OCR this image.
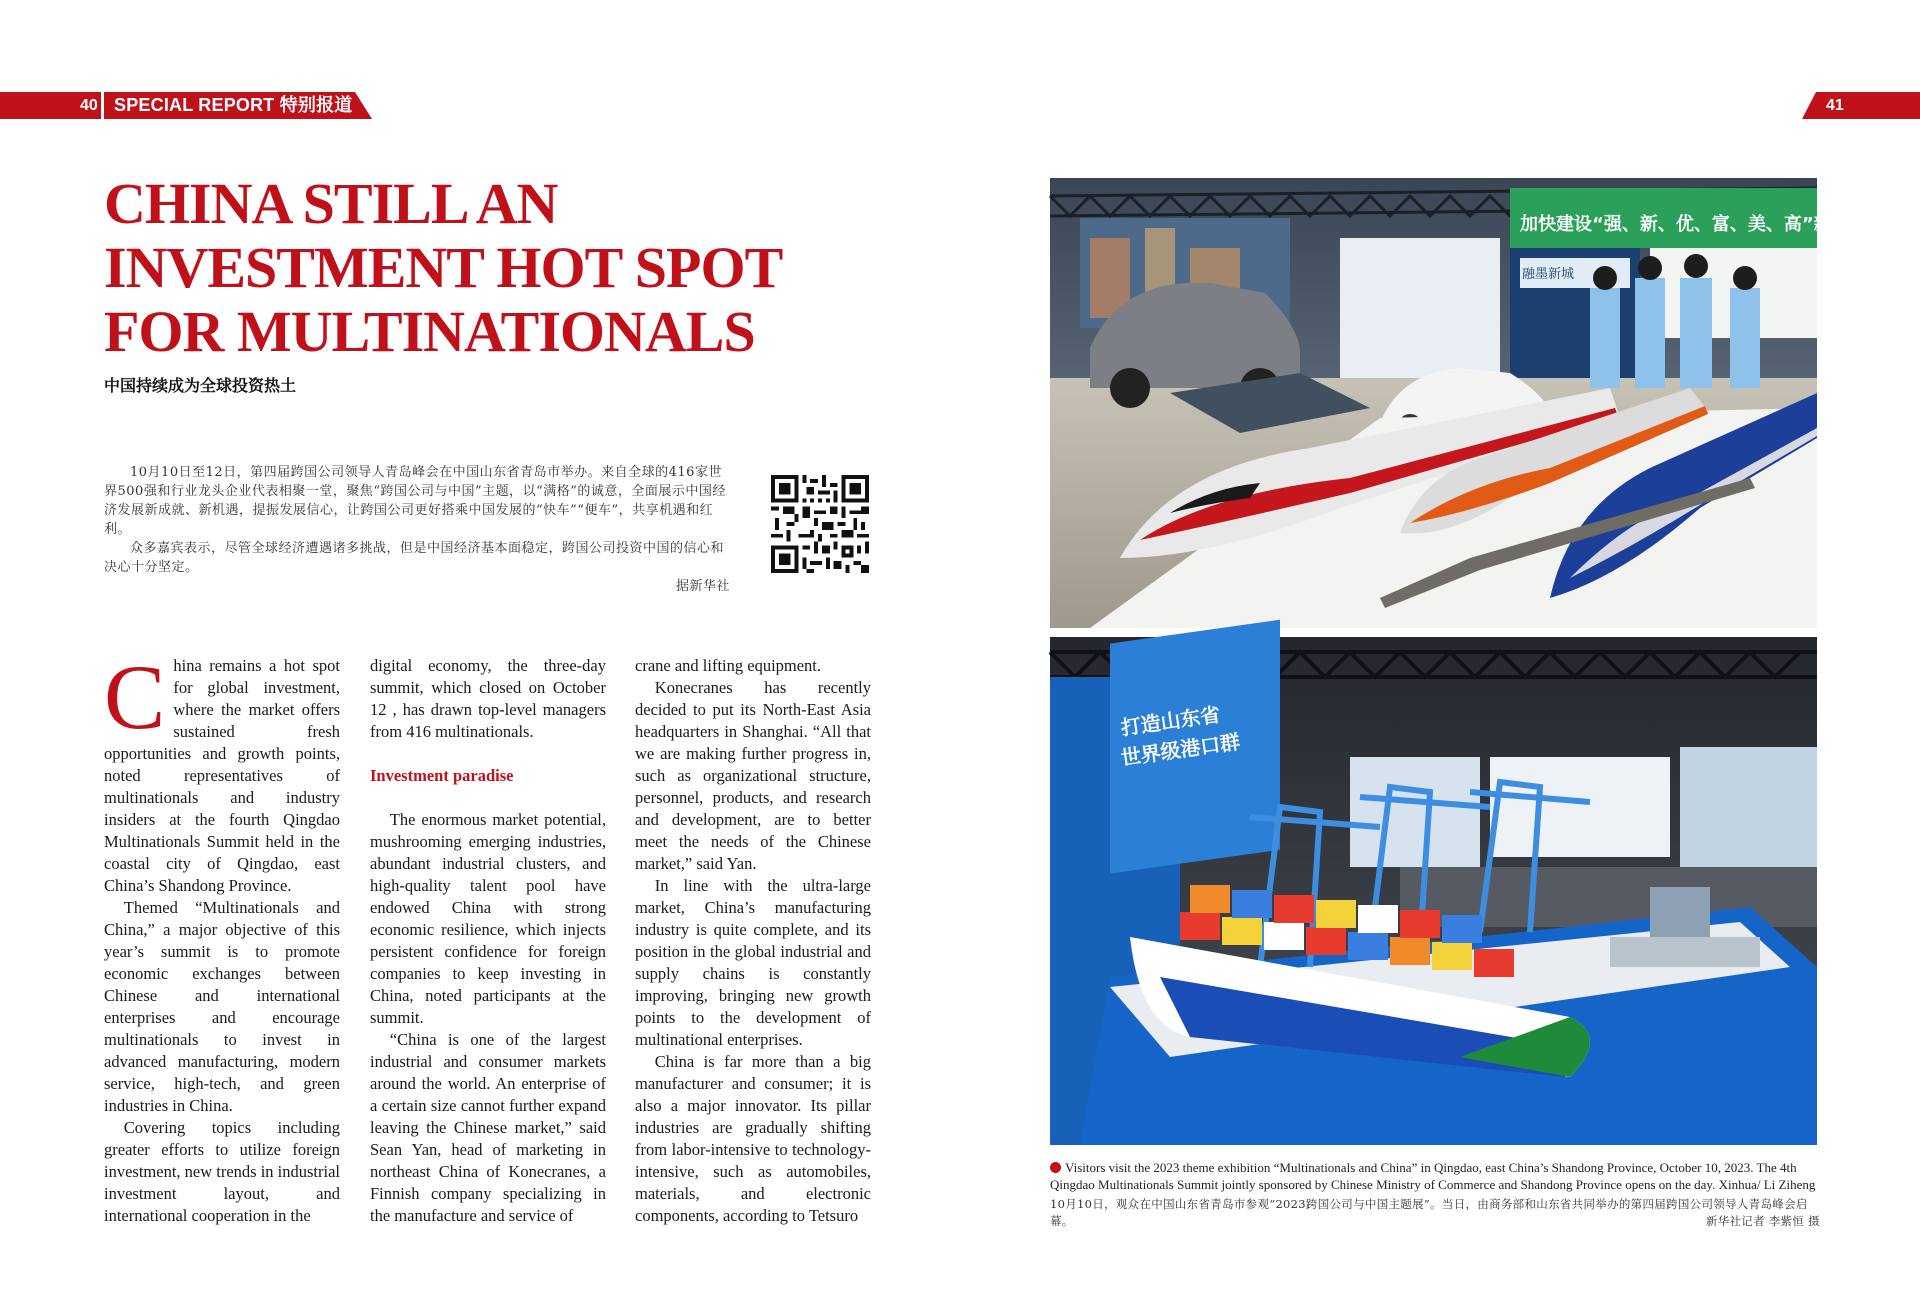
40 SPECIAL REPORT 特别报道	41
CHINA STILL AN
INVESTMENT HOT SPOT
FOR MULTINATIONALS
中国持续成为全球投资热土

10月10日至12日，第四届跨国公司领导人青岛峰会在中国山东省青岛市举办。来自全球的416家世界500强和行业龙头企业代表相聚一堂，聚焦“跨国公司与中国”主题，以“满格”的诚意，全面展示中国经济发展新成就、新机遇，提振发展信心，让跨国公司更好搭乘中国发展的“快车”“便车”，共享机遇和红利。

众多嘉宾表示，尽管全球经济遭遇诸多挑战，但是中国经济基本面稳定，跨国公司投资中国的信心和决心十分坚定。

据新华社

C hina remains a hot spot for global investment, where the market offers sustained fresh opportunities and growth points, noted representatives of multinationals and industry insiders at the fourth Qingdao Multinationals Summit held in the coastal city of Qingdao, east China’s Shandong Province.

Themed “Multinationals and China,” a major objective of this year’s summit is to promote economic exchanges between Chinese and international enterprises and encourage multinationals to invest in advanced manufacturing, modern service, high-tech, and green industries in China.

Covering topics including greater efforts to utilize foreign investment, new trends in industrial investment layout, and international cooperation in the

digital economy, the three-day summit, which closed on October 12 , has drawn top-level managers from 416 multinationals.

Investment paradise

The enormous market potential, mushrooming emerging industries, abundant industrial clusters, and high-quality talent pool have endowed China with strong economic resilience, which injects persistent confidence for foreign companies to keep investing in China, noted participants at the summit.

“China is one of the largest industrial and consumer markets around the world. An enterprise of a certain size cannot further expand leaving the Chinese market,” said Sean Yan, head of marketing in northeast China of Konecranes, a Finnish company specializing in the manufacture and service of

crane and lifting equipment.

Konecranes has recently decided to put its North-East Asia headquarters in Shanghai. “All that we are making further progress in, such as organizational structure, personnel, products, and research and development, are to better meet the needs of the Chinese market,” said Yan.

In line with the ultra-large market, China’s manufacturing industry is quite complete, and its position in the global industrial and supply chains is constantly improving, bringing new growth points to the development of multinational enterprises.

China is far more than a big manufacturer and consumer; it is also a major innovator. Its pillar industries are gradually shifting from labor-intensive to technology-intensive, such as automobiles, materials, and electronic components, according to Tetsuro

加快建设“强、新、优、富、美、高”新时代
融墨新城
打造山东省
世界级港口群
COSCO SHIPPING
Visitors visit the 2023 theme exhibition “Multinationals and China” in Qingdao, east China’s Shandong Province, October 10, 2023. The 4th Qingdao Multinationals Summit jointly sponsored by Chinese Ministry of Commerce and Shandong Province opens on the day. Xinhua/ Li Ziheng
10月10日，观众在中国山东省青岛市参观“2023跨国公司与中国主题展”。当日，由商务部和山东省共同举办的第四届跨国公司领导人青岛峰会启幕。	新华社记者 李紫恒 摄
